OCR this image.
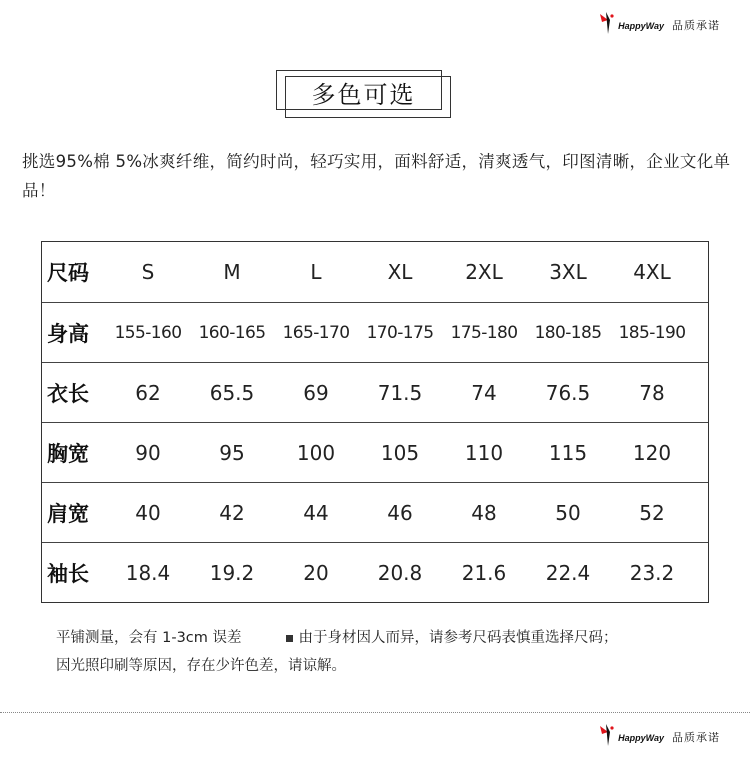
HappyWay 品质承诺
多色可选
挑选95%棉 5%冰爽纤维，简约时尚，轻巧实用，面料舒适，清爽透气，印图清晰，企业文化单品！
尺码	S	M	L	XL	2XL	3XL	4XL
身高	155-160	160-165	165-170	170-175	175-180	180-185	185-190
衣长	62	65.5	69	71.5	74	76.5	78
胸宽	90	95	100	105	110	115	120
肩宽	40	42	44	46	48	50	52
袖长	18.4	19.2	20	20.8	21.6	22.4	23.2
平铺测量，会有 1-3cm 误差	由于身材因人而异，请参考尺码表慎重选择尺码；
因光照印刷等原因，存在少许色差，请谅解。
HappyWay 品质承诺
